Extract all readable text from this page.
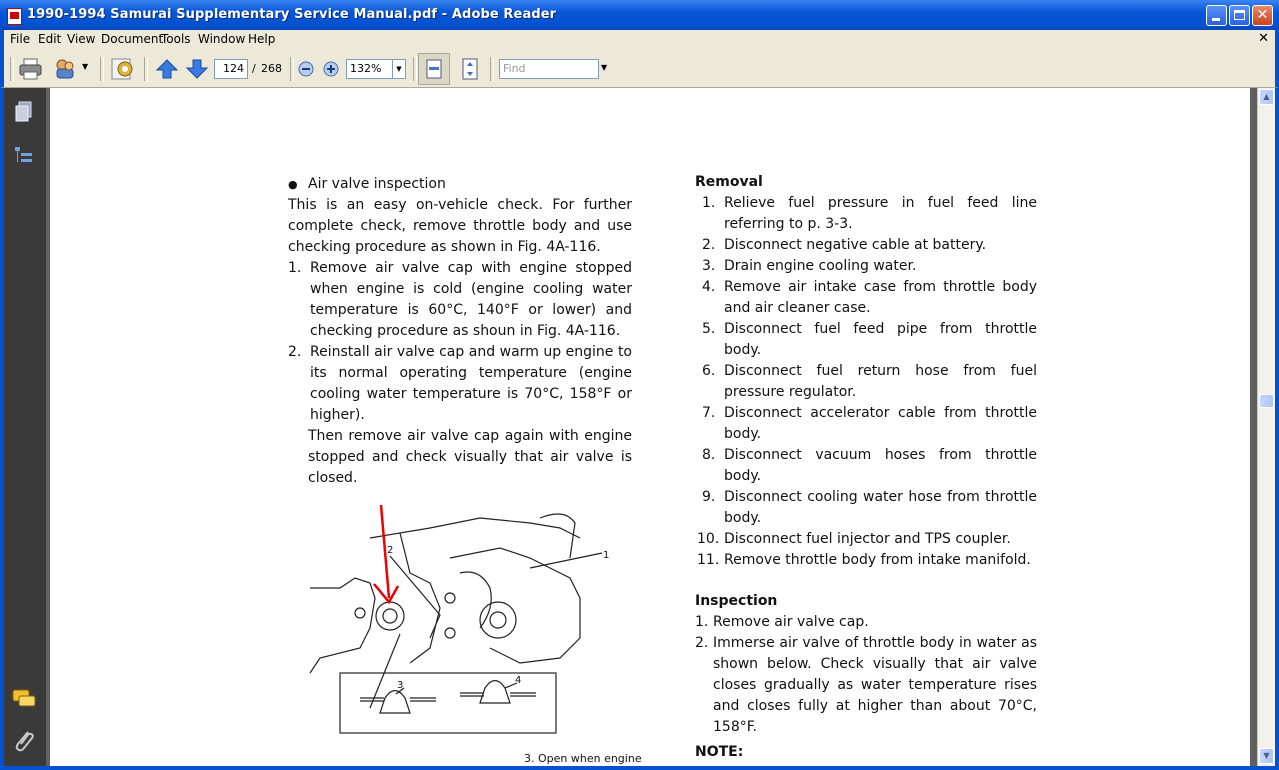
1990-1994 Samurai Supplementary Service Manual.pdf - Adobe Reader	✕
File Edit View Document
Tools Window Help	✕
▼	124 / 268	132%	▼	Find	▼

● Air valve inspection

This is an easy on-vehicle check. For further complete check, remove throttle body and use checking procedure as shown in Fig. 4A-116.

1. Remove air valve cap with engine stopped when engine is cold (engine cooling water temperature is 60°C, 140°F or lower) and checking procedure as shoun in Fig. 4A-116.
2. Reinstall air valve cap and warm up engine to its normal operating temperature (engine cooling water temperature is 70°C, 158°F or higher).

Then remove air valve cap again with engine stopped and check visually that air valve is closed.

1
2
3	4
3. Open when engine

Removal

1. Relieve fuel pressure in fuel feed line referring to p. 3-3.
2. Disconnect negative cable at battery.
3. Drain engine cooling water.
4. Remove air intake case from throttle body and air cleaner case.
5. Disconnect fuel feed pipe from throttle body.
6. Disconnect fuel return hose from fuel pressure regulator.
7. Disconnect accelerator cable from throttle body.
8. Disconnect vacuum hoses from throttle body.
9. Disconnect cooling water hose from throttle body.
10. Disconnect fuel injector and TPS coupler.
11. Remove throttle body from intake manifold.

Inspection

1. Remove air valve cap.
2. Immerse air valve of throttle body in water as shown below. Check visually that air valve closes gradually as water temperature rises and closes fully at higher than about 70°C, 158°F.

NOTE:

▲
▼
